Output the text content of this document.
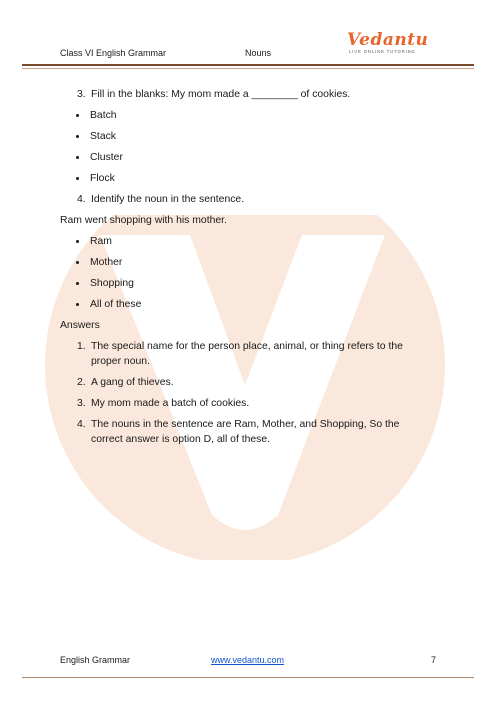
Class VI English Grammar	Nouns
Vedantu
LIVE ONLINE TUTORING
3. Fill in the blanks: My mom made a ________ of cookies.
Batch
Stack
Cluster
Flock
4. Identify the noun in the sentence.
Ram went shopping with his mother.
Ram
Mother
Shopping
All of these
Answers
1. The special name for the person place, animal, or thing refers to the
proper noun.
2. A gang of thieves.
3. My mom made a batch of cookies.
4. The nouns in the sentence are Ram, Mother, and Shopping, So the
correct answer is option D, all of these.
English Grammar	www.vedantu.com	7
